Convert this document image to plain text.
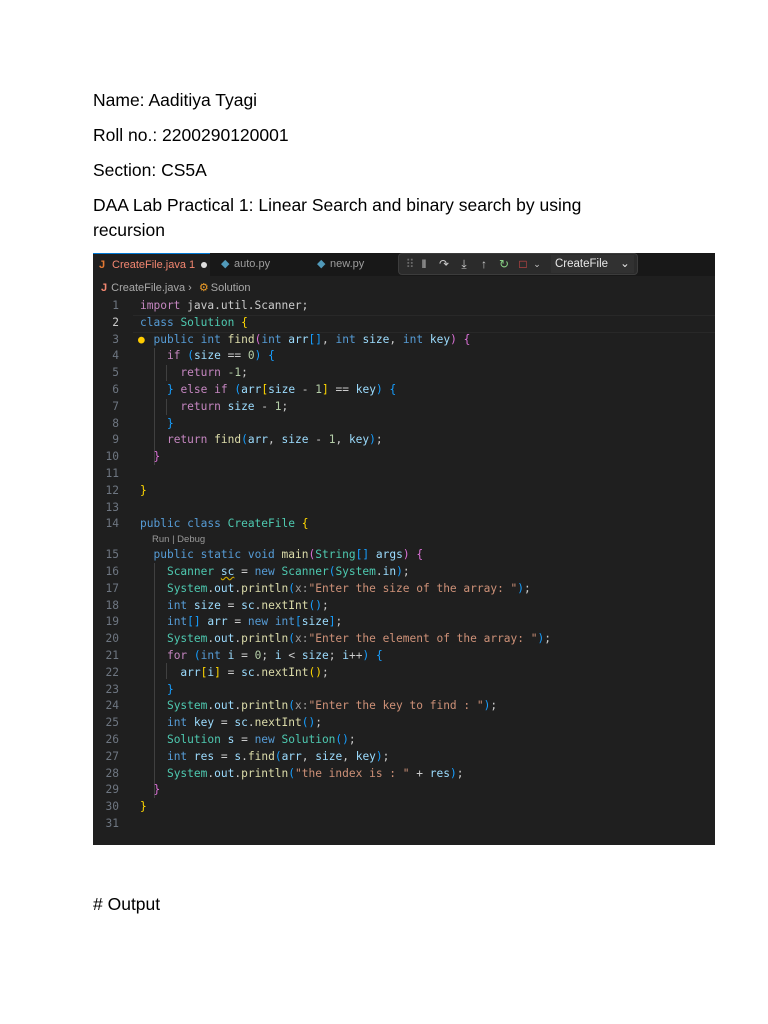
Name: Aaditiya Tyagi
Roll no.: 2200290120001
Section: CS5A
DAA Lab Practical 1: Linear Search and binary search by using recursion
J CreateFile.java 1	◆ auto.py	◆ new.py	⠿ ‖	↷	⤓	↑ ↻ □ ⌄	CreateFile ⌄
J CreateFile.java › ⚙ Solution
1 import java.util.Scanner;
2 class Solution {
3 ● public int find(int arr[], int size, int key) {
4	if (size == 0) {
5	return -1;
6	} else if (arr[size - 1] == key) {
7	return size - 1;
8	}
9	return find(arr, size - 1, key);
10	}
11
12 }
13
14 public class CreateFile {
Run | Debug
15	public static void main(String[] args) {
16	Scanner sc = new Scanner(System.in);
17	System.out.println(x:"Enter the size of the array: ");
18	int size = sc.nextInt();
19	int[] arr = new int[size];
20	System.out.println(x:"Enter the element of the array: ");
21	for (int i = 0; i < size; i++) {
22	arr[i] = sc.nextInt();
23	}
24	System.out.println(x:"Enter the key to find : ");
25	int key = sc.nextInt();
26	Solution s = new Solution();
27	int res = s.find(arr, size, key);
28	System.out.println("the index is : " + res);
29	}
30 }
31
# Output
